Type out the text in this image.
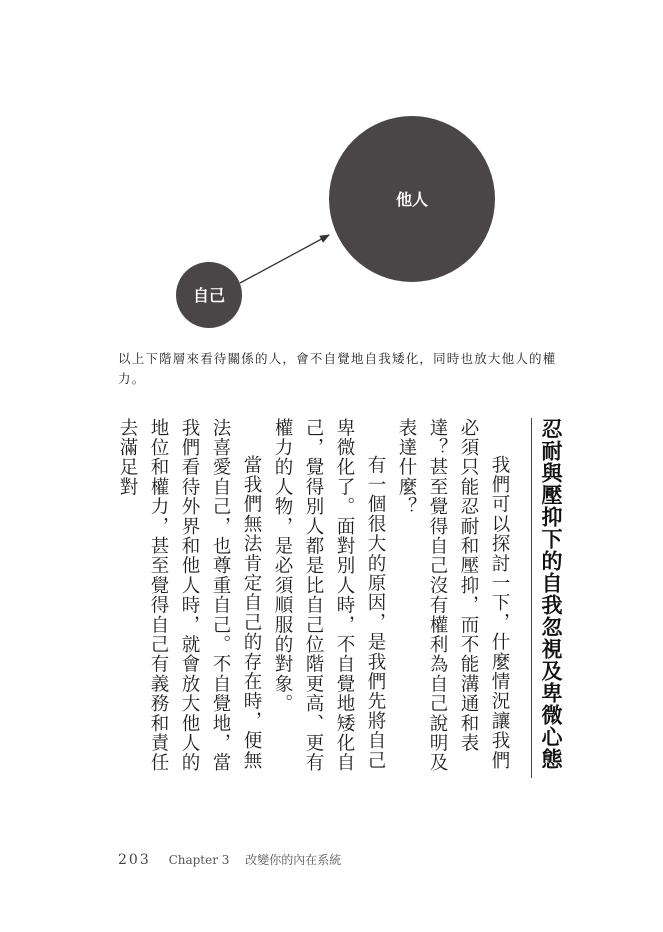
他人
自己
以上下階層來看待關係的人，會不自覺地自我矮化，同時也放大他人的權力。

忍耐與壓抑下的自我忽視及卑微心態

我們可以探討一下，什麼情況讓我們必須只能忍耐和壓抑，而不能溝通和表達？甚至覺得自己沒有權利為自己說明及表達什麼？

有一個很大的原因，是我們先將自己卑微化了。面對別人時，不自覺地矮化自己，覺得別人都是比自己位階更高、更有權力的人物，是必須順服的對象。

當我們無法肯定自己的存在時，便無法喜愛自己，也尊重自己。不自覺地，當我們看待外界和他人時，就會放大他人的地位和權力，甚至覺得自己有義務和責任去滿足對

203 Chapter 3 改變你的內在系統
